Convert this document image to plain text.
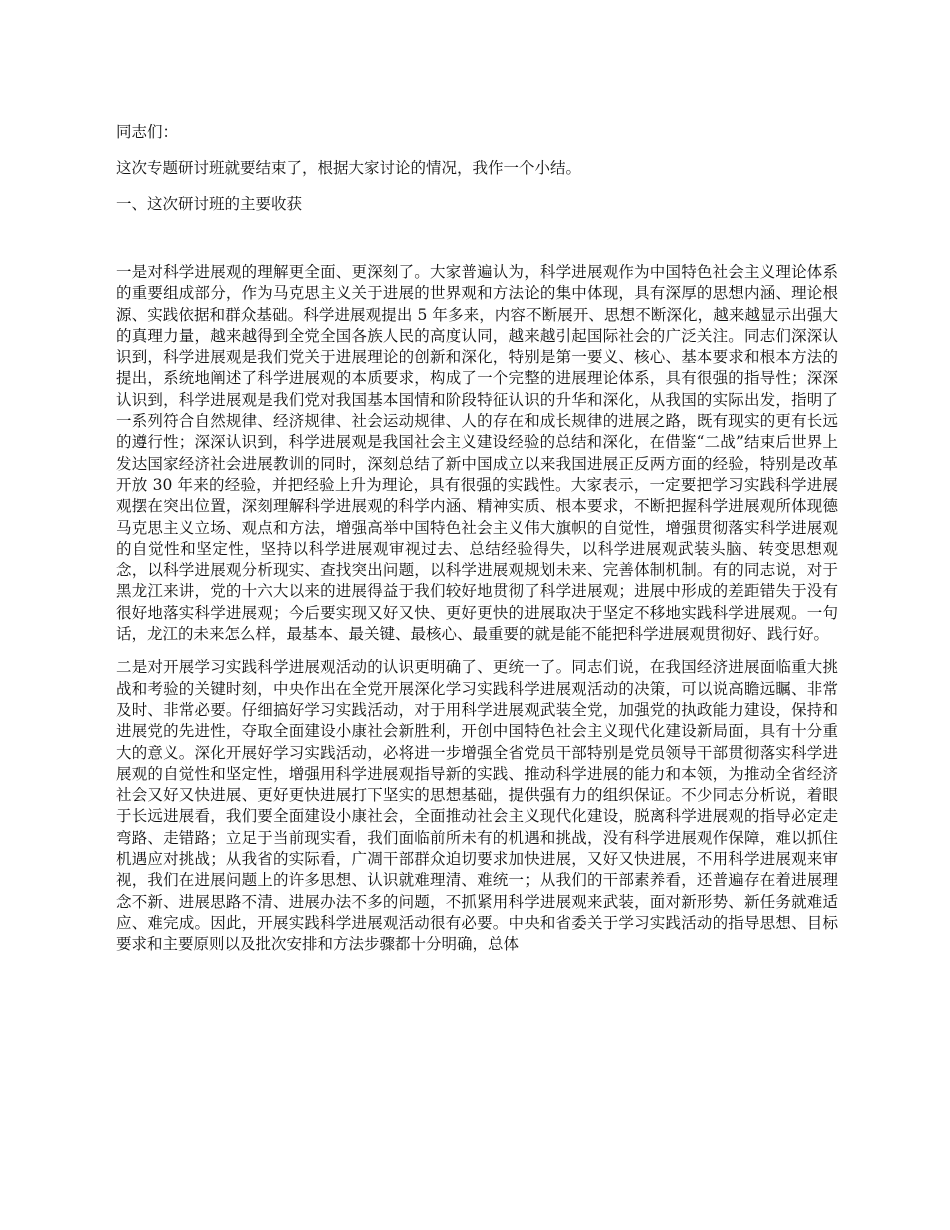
同志们：

这次专题研讨班就要结束了，根据大家讨论的情况，我作一个小结。

一、这次研讨班的主要收获

一是对科学进展观的理解更全面、更深刻了。大家普遍认为，科学进展观作为中国特色社会主义理论体系的重要组成部分，作为马克思主义关于进展的世界观和方法论的集中体现，具有深厚的思想内涵、理论根源、实践依据和群众基础。科学进展观提出 5 年多来，内容不断展开、思想不断深化，越来越显示出强大的真理力量，越来越得到全党全国各族人民的高度认同，越来越引起国际社会的广泛关注。同志们深深认识到，科学进展观是我们党关于进展理论的创新和深化，特别是第一要义、核心、基本要求和根本方法的提出，系统地阐述了科学进展观的本质要求，构成了一个完整的进展理论体系，具有很强的指导性；深深认识到，科学进展观是我们党对我国基本国情和阶段特征认识的升华和深化，从我国的实际出发，指明了一系列符合自然规律、经济规律、社会运动规律、人的存在和成长规律的进展之路，既有现实的更有长远的遵行性；深深认识到，科学进展观是我国社会主义建设经验的总结和深化，在借鉴“二战”结束后世界上发达国家经济社会进展教训的同时，深刻总结了新中国成立以来我国进展正反两方面的经验，特别是改革开放 30 年来的经验，并把经验上升为理论，具有很强的实践性。大家表示，一定要把学习实践科学进展观摆在突出位置，深刻理解科学进展观的科学内涵、精神实质、根本要求，不断把握科学进展观所体现德马克思主义立场、观点和方法，增强高举中国特色社会主义伟大旗帜的自觉性，增强贯彻落实科学进展观的自觉性和坚定性，坚持以科学进展观审视过去、总结经验得失，以科学进展观武装头脑、转变思想观念，以科学进展观分析现实、查找突出问题，以科学进展观规划未来、完善体制机制。有的同志说，对于黑龙江来讲，党的十六大以来的进展得益于我们较好地贯彻了科学进展观；进展中形成的差距错失于没有很好地落实科学进展观；今后要实现又好又快、更好更快的进展取决于坚定不移地实践科学进展观。一句话，龙江的未来怎么样，最基本、最关键、最核心、最重要的就是能不能把科学进展观贯彻好、践行好。

二是对开展学习实践科学进展观活动的认识更明确了、更统一了。同志们说，在我国经济进展面临重大挑战和考验的关键时刻，中央作出在全党开展深化学习实践科学进展观活动的决策，可以说高瞻远瞩、非常及时、非常必要。仔细搞好学习实践活动，对于用科学进展观武装全党，加强党的执政能力建设，保持和进展党的先进性，夺取全面建设小康社会新胜利，开创中国特色社会主义现代化建设新局面，具有十分重大的意义。深化开展好学习实践活动，必将进一步增强全省党员干部特别是党员领导干部贯彻落实科学进展观的自觉性和坚定性，增强用科学进展观指导新的实践、推动科学进展的能力和本领，为推动全省经济社会又好又快进展、更好更快进展打下坚实的思想基础，提供强有力的组织保证。不少同志分析说，着眼于长远进展看，我们要全面建设小康社会，全面推动社会主义现代化建设，脱离科学进展观的指导必定走弯路、走错路；立足于当前现实看，我们面临前所未有的机遇和挑战，没有科学进展观作保障，难以抓住机遇应对挑战；从我省的实际看，广凋干部群众迫切要求加快进展，又好又快进展，不用科学进展观来审视，我们在进展问题上的许多思想、认识就难理清、难统一；从我们的干部素养看，还普遍存在着进展理念不新、进展思路不清、进展办法不多的问题，不抓紧用科学进展观来武装，面对新形势、新任务就难适应、难完成。因此，开展实践科学进展观活动很有必要。中央和省委关于学习实践活动的指导思想、目标要求和主要原则以及批次安排和方法步骤都十分明确，总体
